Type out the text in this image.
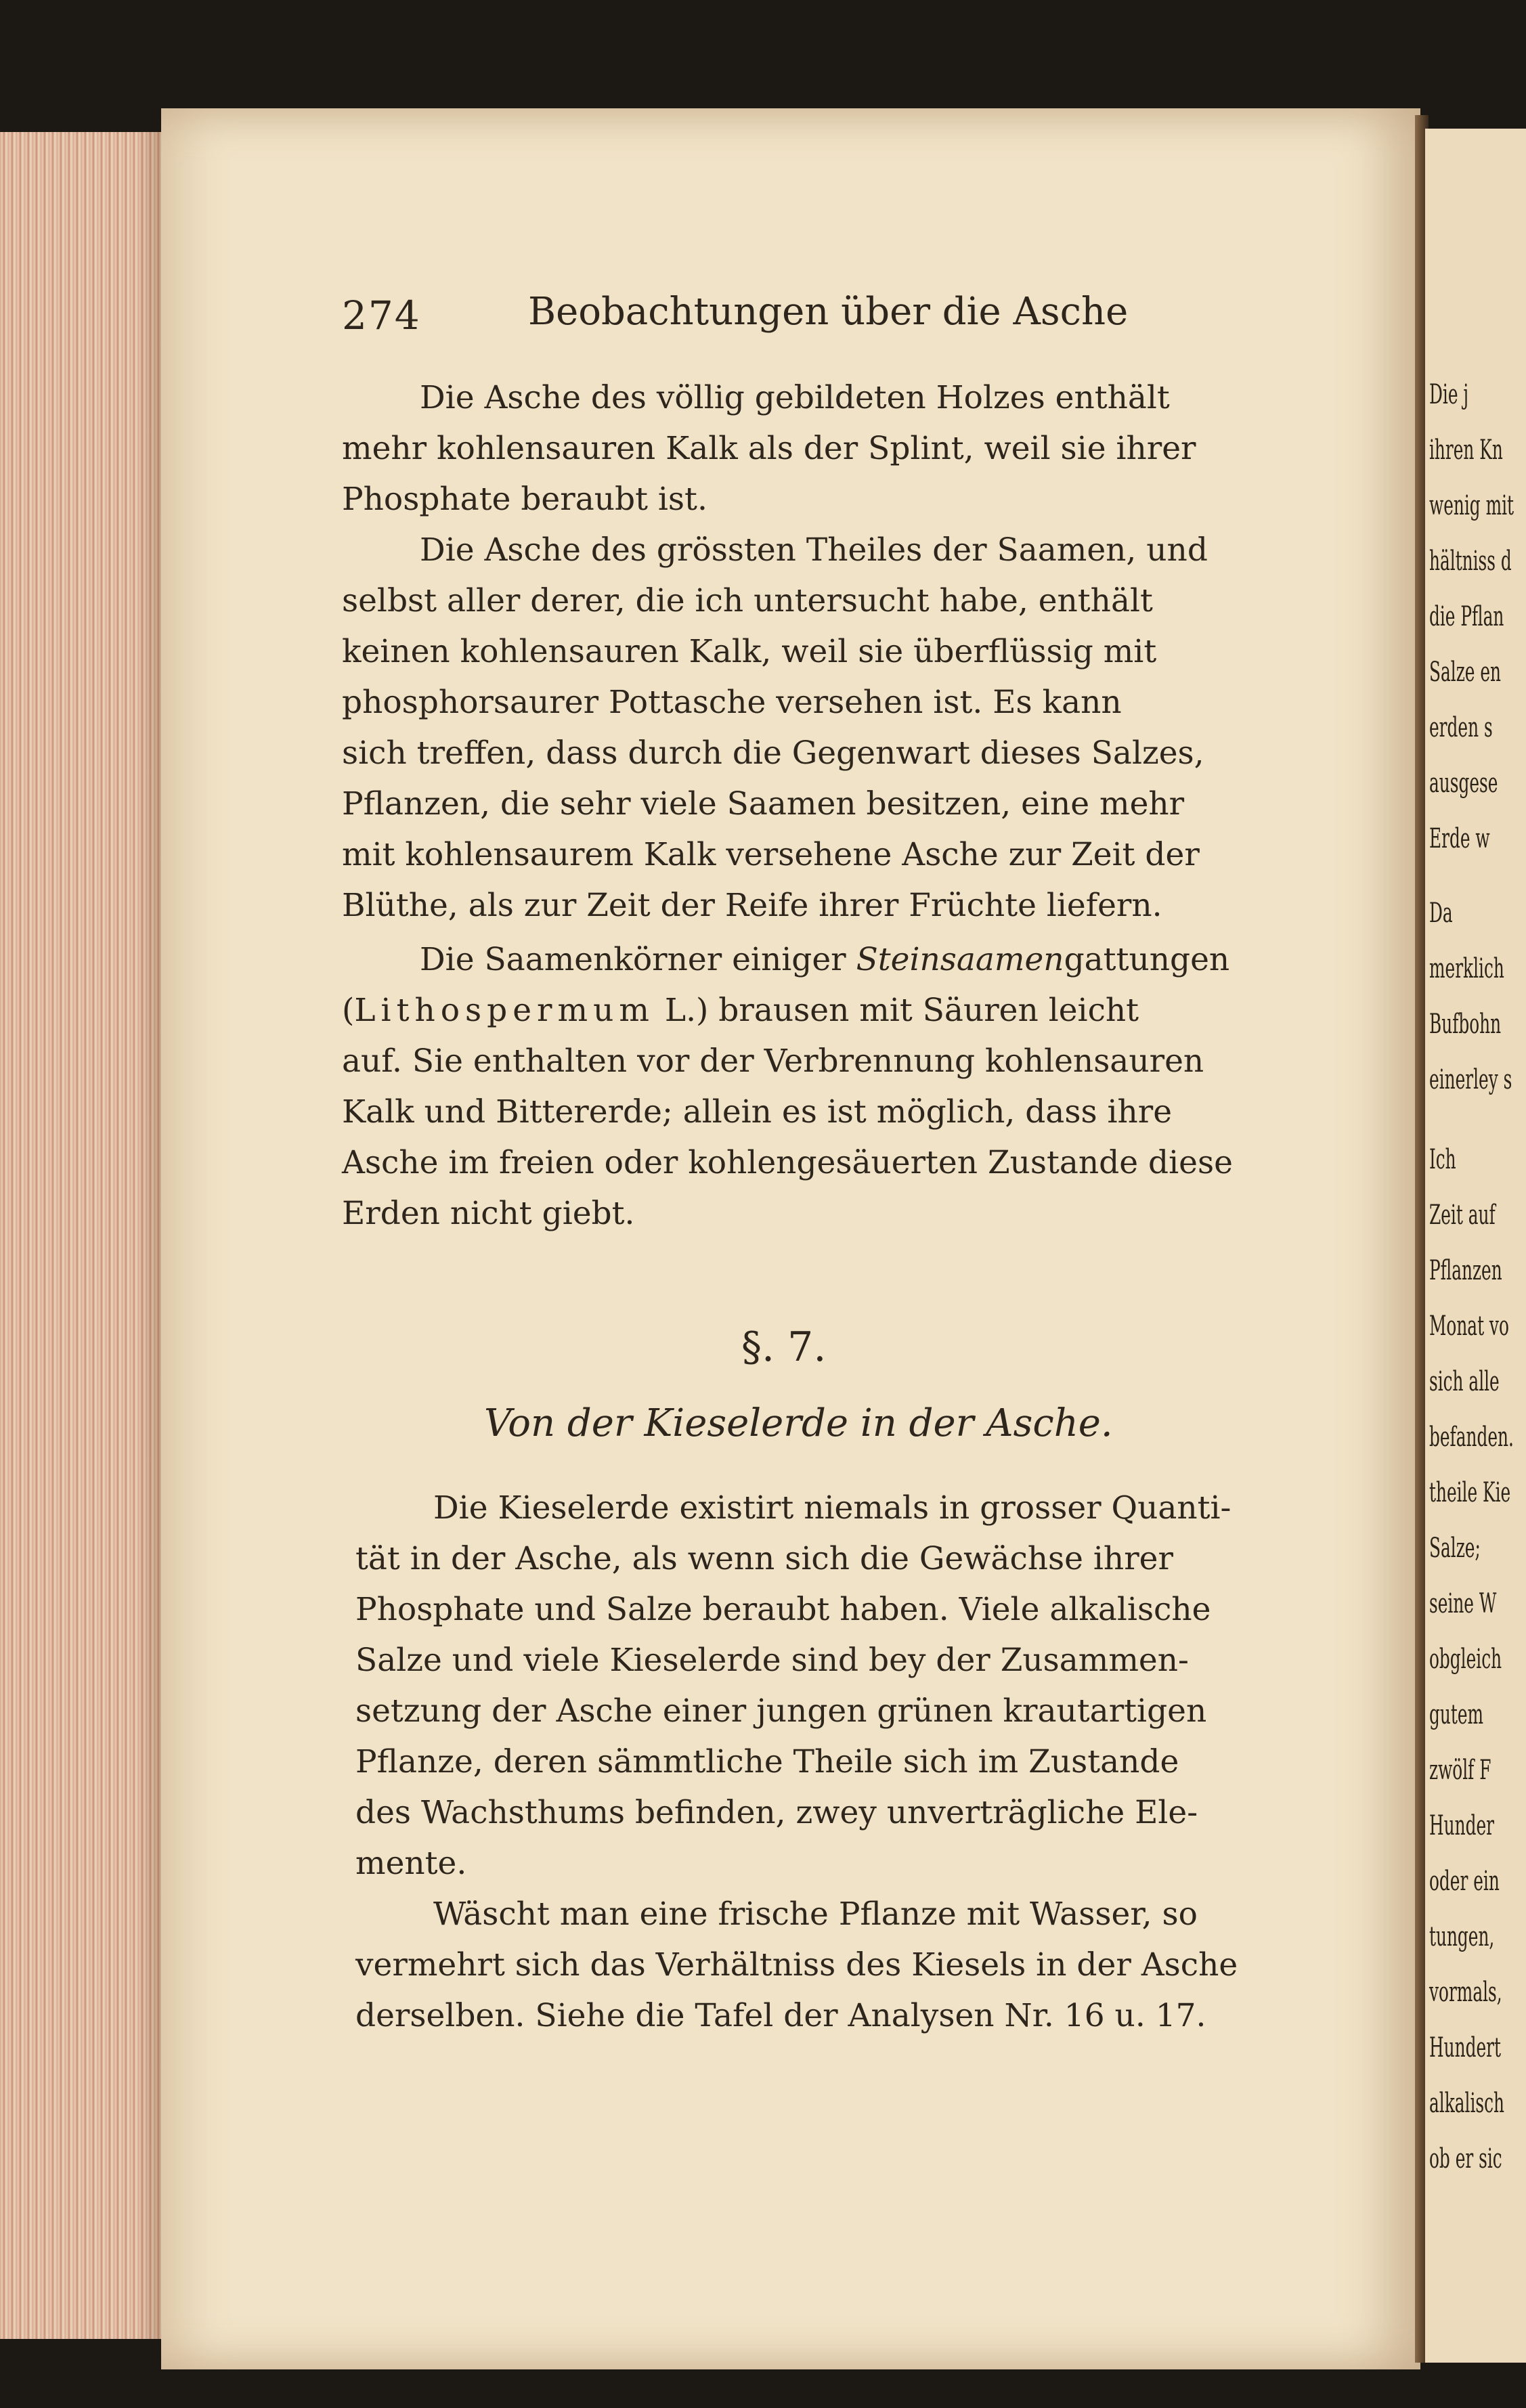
274	Beobachtungen über die Asche
Die Asche des völlig gebildeten Holzes enthält
mehr kohlensauren Kalk als der Splint, weil sie ihrer
Phosphate beraubt ist.
Die Asche des grössten Theiles der Saamen, und
selbst aller derer, die ich untersucht habe, enthält
keinen kohlensauren Kalk, weil sie überflüssig mit
phosphorsaurer Pottasche versehen ist. Es kann
sich treffen, dass durch die Gegenwart dieses Salzes,
Pflanzen, die sehr viele Saamen besitzen, eine mehr
mit kohlensaurem Kalk versehene Asche zur Zeit der
Blüthe, als zur Zeit der Reife ihrer Früchte liefern.
Die Saamenkörner einiger Steinsaamengattungen
(Lithospermum L.) brausen mit Säuren leicht
auf. Sie enthalten vor der Verbrennung kohlensauren
Kalk und Bittererde; allein es ist möglich, dass ihre
Asche im freien oder kohlengesäuerten Zustande diese
Erden nicht giebt.
§. 7.
Von der Kieselerde in der Asche.
Die Kieselerde existirt niemals in grosser Quanti-
tät in der Asche, als wenn sich die Gewächse ihrer
Phosphate und Salze beraubt haben. Viele alkalische
Salze und viele Kieselerde sind bey der Zusammen-
setzung der Asche einer jungen grünen krautartigen
Pflanze, deren sämmtliche Theile sich im Zustande
des Wachsthums befinden, zwey unverträgliche Ele-
mente.
Wäscht man eine frische Pflanze mit Wasser, so
vermehrt sich das Verhältniss des Kiesels in der Asche
derselben. Siehe die Tafel der Analysen Nr. 16 u. 17.
Die j
ihren Kn
wenig mit
hältniss d
die Pflan
Salze en
erden s
ausgese
Erde w
Da
merklich
Bufbohn
einerley s
Ich
Zeit auf
Pflanzen
Monat vo
sich alle
befanden.
theile Kie
Salze;
seine W
obgleich
gutem
zwölf F
Hunder
oder ein
tungen,
vormals,
Hundert
alkalisch
ob er sic
